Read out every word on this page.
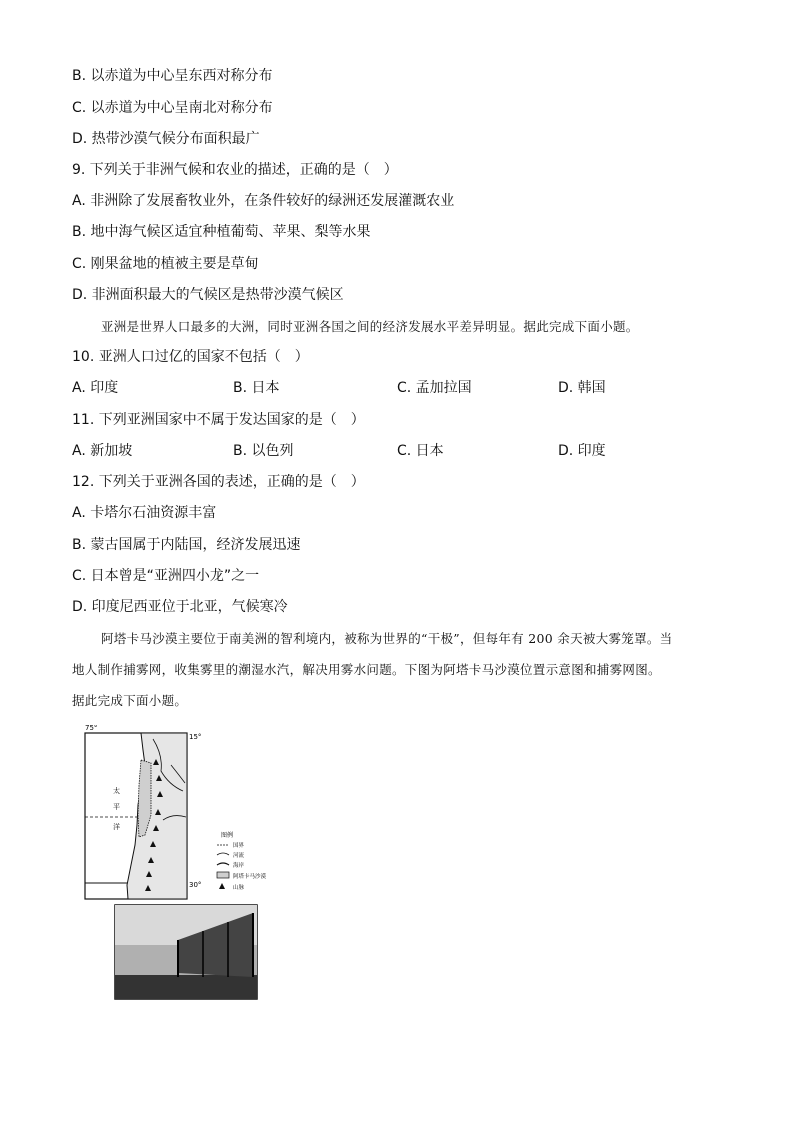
B. 以赤道为中心呈东西对称分布
C. 以赤道为中心呈南北对称分布
D. 热带沙漠气候分布面积最广
9. 下列关于非洲气候和农业的描述，正确的是（　）
A. 非洲除了发展畜牧业外，在条件较好的绿洲还发展灌溉农业
B. 地中海气候区适宜种植葡萄、苹果、梨等水果
C. 刚果盆地的植被主要是草甸
D. 非洲面积最大的气候区是热带沙漠气候区
亚洲是世界人口最多的大洲，同时亚洲各国之间的经济发展水平差异明显。据此完成下面小题。
10. 亚洲人口过亿的国家不包括（　）
A. 印度	B. 日本	C. 孟加拉国	D. 韩国
11. 下列亚洲国家中不属于发达国家的是（　）
A. 新加坡	B. 以色列	C. 日本	D. 印度
12. 下列关于亚洲各国的表述，正确的是（　）
A. 卡塔尔石油资源丰富
B. 蒙古国属于内陆国，经济发展迅速
C. 日本曾是“亚洲四小龙”之一
D. 印度尼西亚位于北亚，气候寒冷
阿塔卡马沙漠主要位于南美洲的智利境内，被称为世界的“干极”，但每年有 200 余天被大雾笼罩。当
地人制作捕雾网，收集雾里的潮湿水汽，解决用雾水问题。下图为阿塔卡马沙漠位置示意图和捕雾网图。
据此完成下面小题。
75°
15°
30°
太
平
洋
图例
国界
河流
海岸
阿塔卡马沙漠
山脉
